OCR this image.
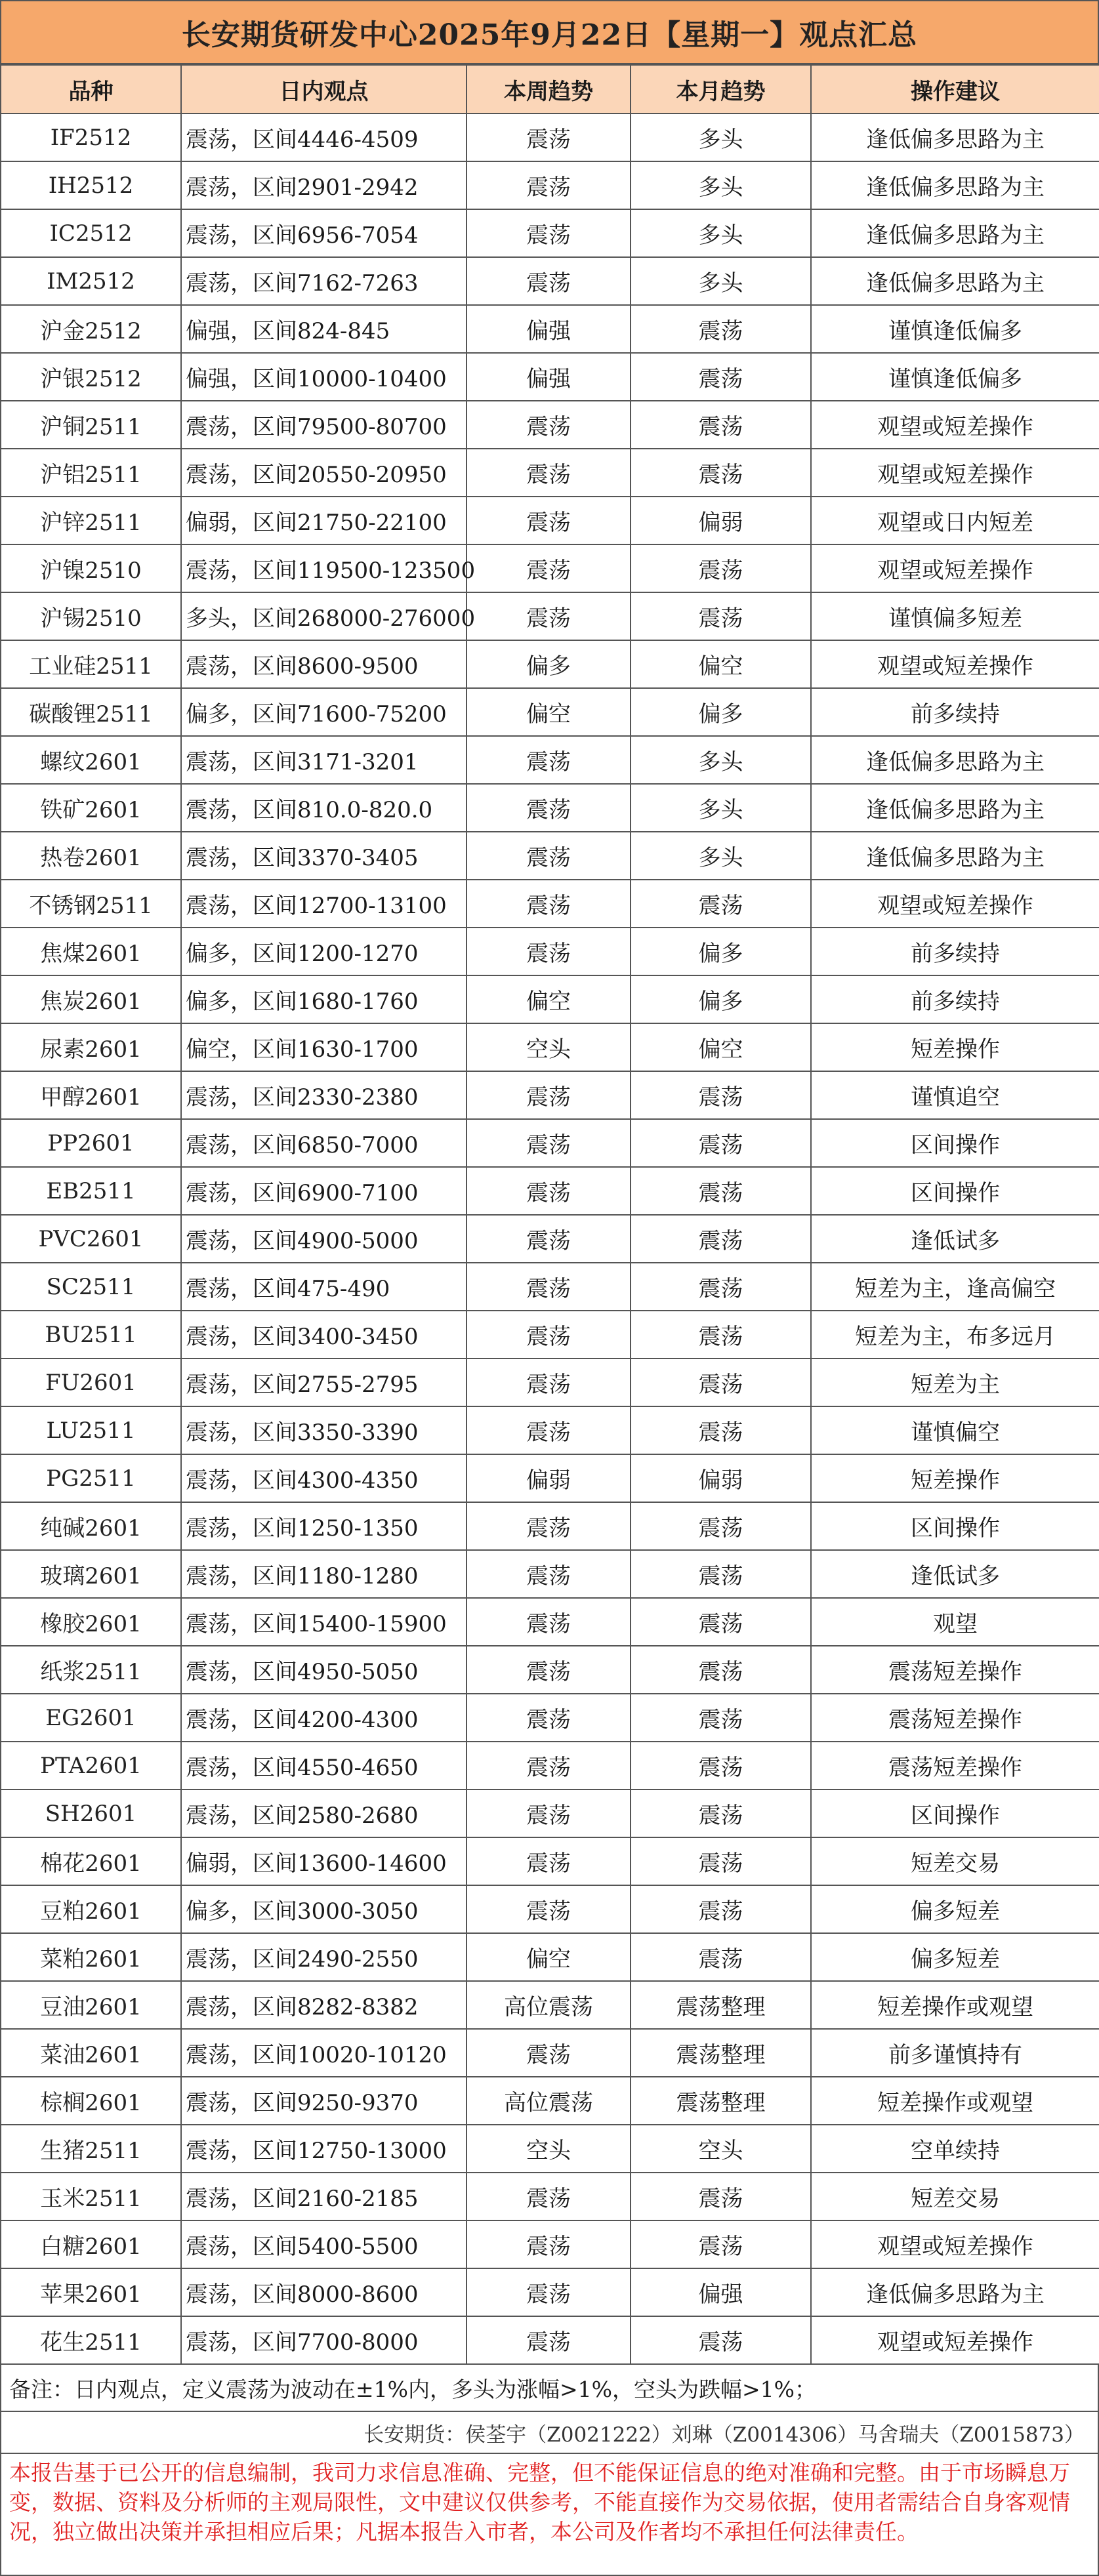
长安期货研发中心2025年9月22日【星期一】观点汇总
品种	日内观点	本周趋势	本月趋势	操作建议
IF2512	震荡，区间4446-4509	震荡	多头	逢低偏多思路为主
IH2512	震荡，区间2901-2942	震荡	多头	逢低偏多思路为主
IC2512	震荡，区间6956-7054	震荡	多头	逢低偏多思路为主
IM2512	震荡，区间7162-7263	震荡	多头	逢低偏多思路为主
沪金2512	偏强，区间824-845	偏强	震荡	谨慎逢低偏多
沪银2512	偏强，区间10000-10400	偏强	震荡	谨慎逢低偏多
沪铜2511	震荡，区间79500-80700	震荡	震荡	观望或短差操作
沪铝2511	震荡，区间20550-20950	震荡	震荡	观望或短差操作
沪锌2511	偏弱，区间21750-22100	震荡	偏弱	观望或日内短差
沪镍2510	震荡，区间119500-123500	震荡	震荡	观望或短差操作
沪锡2510	多头，区间268000-276000	震荡	震荡	谨慎偏多短差
工业硅2511	震荡，区间8600-9500	偏多	偏空	观望或短差操作
碳酸锂2511	偏多，区间71600-75200	偏空	偏多	前多续持
螺纹2601	震荡，区间3171-3201	震荡	多头	逢低偏多思路为主
铁矿2601	震荡，区间810.0-820.0	震荡	多头	逢低偏多思路为主
热卷2601	震荡，区间3370-3405	震荡	多头	逢低偏多思路为主
不锈钢2511	震荡，区间12700-13100	震荡	震荡	观望或短差操作
焦煤2601	偏多，区间1200-1270	震荡	偏多	前多续持
焦炭2601	偏多，区间1680-1760	偏空	偏多	前多续持
尿素2601	偏空，区间1630-1700	空头	偏空	短差操作
甲醇2601	震荡，区间2330-2380	震荡	震荡	谨慎追空
PP2601	震荡，区间6850-7000	震荡	震荡	区间操作
EB2511	震荡，区间6900-7100	震荡	震荡	区间操作
PVC2601	震荡，区间4900-5000	震荡	震荡	逢低试多
SC2511	震荡，区间475-490	震荡	震荡	短差为主，逢高偏空
BU2511	震荡，区间3400-3450	震荡	震荡	短差为主，布多远月
FU2601	震荡，区间2755-2795	震荡	震荡	短差为主
LU2511	震荡，区间3350-3390	震荡	震荡	谨慎偏空
PG2511	震荡，区间4300-4350	偏弱	偏弱	短差操作
纯碱2601	震荡，区间1250-1350	震荡	震荡	区间操作
玻璃2601	震荡，区间1180-1280	震荡	震荡	逢低试多
橡胶2601	震荡，区间15400-15900	震荡	震荡	观望
纸浆2511	震荡，区间4950-5050	震荡	震荡	震荡短差操作
EG2601	震荡，区间4200-4300	震荡	震荡	震荡短差操作
PTA2601	震荡，区间4550-4650	震荡	震荡	震荡短差操作
SH2601	震荡，区间2580-2680	震荡	震荡	区间操作
棉花2601	偏弱，区间13600-14600	震荡	震荡	短差交易
豆粕2601	偏多，区间3000-3050	震荡	震荡	偏多短差
菜粕2601	震荡，区间2490-2550	偏空	震荡	偏多短差
豆油2601	震荡，区间8282-8382	高位震荡	震荡整理	短差操作或观望
菜油2601	震荡，区间10020-10120	震荡	震荡整理	前多谨慎持有
棕榈2601	震荡，区间9250-9370	高位震荡	震荡整理	短差操作或观望
生猪2511	震荡，区间12750-13000	空头	空头	空单续持
玉米2511	震荡，区间2160-2185	震荡	震荡	短差交易
白糖2601	震荡，区间5400-5500	震荡	震荡	观望或短差操作
苹果2601	震荡，区间8000-8600	震荡	偏强	逢低偏多思路为主
花生2511	震荡，区间7700-8000	震荡	震荡	观望或短差操作
备注：日内观点，定义震荡为波动在±1%内，多头为涨幅>1%，空头为跌幅>1%；
长安期货：侯荃宇（Z0021222）刘琳（Z0014306）马舍瑞夫（Z0015873）
本报告基于已公开的信息编制，我司力求信息准确、完整，但不能保证信息的绝对准确和完整。由于市场瞬息万变，数据、资料及分析师的主观局限性，文中建议仅供参考，不能直接作为交易依据，使用者需结合自身客观情况，独立做出决策并承担相应后果；凡据本报告入市者，本公司及作者均不承担任何法律责任。
